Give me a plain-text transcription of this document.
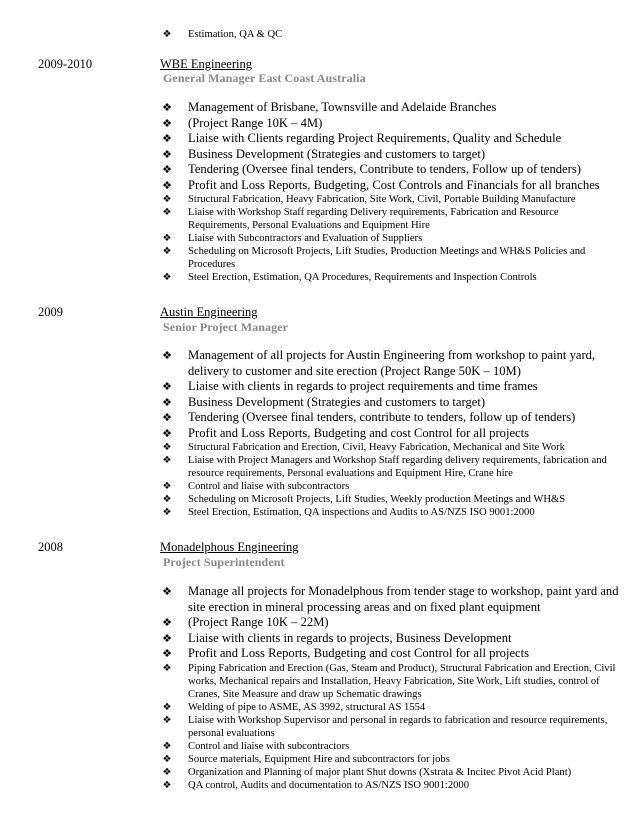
❖ Estimation, QA & QC
2009-2010	WBE Engineering
General Manager East Coast Australia
❖ Management of Brisbane, Townsville and Adelaide Branches
❖ (Project Range 10K – 4M)
❖ Liaise with Clients regarding Project Requirements, Quality and Schedule
❖ Business Development (Strategies and customers to target)
❖ Tendering (Oversee final tenders, Contribute to tenders, Follow up of tenders)
❖ Profit and Loss Reports, Budgeting, Cost Controls and Financials for all branches
❖ Structural Fabrication, Heavy Fabrication, Site Work, Civil, Portable Building Manufacture
❖ Liaise with Workshop Staff regarding Delivery requirements, Fabrication and Resource Requirements, Personal Evaluations and Equipment Hire
❖ Liaise with Subcontractors and Evaluation of Suppliers
❖ Scheduling on Microsoft Projects, Lift Studies, Production Meetings and WH&S Policies and Procedures
❖ Steel Erection, Estimation, QA Procedures, Requirements and Inspection Controls
2009	Austin Engineering
Senior Project Manager
❖ Management of all projects for Austin Engineering from workshop to paint yard, delivery to customer and site erection (Project Range 50K – 10M)
❖ Liaise with clients in regards to project requirements and time frames
❖ Business Development (Strategies and customers to target)
❖ Tendering (Oversee final tenders, contribute to tenders, follow up of tenders)
❖ Profit and Loss Reports, Budgeting and cost Control for all projects
❖ Structural Fabrication and Erection, Civil, Heavy Fabrication, Mechanical and Site Work
❖ Liaise with Project Managers and Workshop Staff regarding delivery requirements, fabrication and resource requirements, Personal evaluations and Equipment Hire, Crane hire
❖ Control and liaise with subcontractors
❖ Scheduling on Microsoft Projects, Lift Studies, Weekly production Meetings and WH&S
❖ Steel Erection, Estimation, QA inspections and Audits to AS/NZS ISO 9001:2000
2008	Monadelphous Engineering
Project Superintendent
❖ Manage all projects for Monadelphous from tender stage to workshop, paint yard and site erection in mineral processing areas and on fixed plant equipment
❖ (Project Range 10K – 22M)
❖ Liaise with clients in regards to projects, Business Development
❖ Profit and Loss Reports, Budgeting and cost Control for all projects
❖ Piping Fabrication and Erection (Gas, Steam and Product), Structural Fabrication and Erection, Civil works, Mechanical repairs and Installation, Heavy Fabrication, Site Work, Lift studies, control of Cranes, Site Measure and draw up Schematic drawings
❖ Welding of pipe to ASME, AS 3992, structural AS 1554
❖ Liaise with Workshop Supervisor and personal in regards to fabrication and resource requirements, personal evaluations
❖ Control and liaise with subcontractors
❖ Source materials, Equipment Hire and subcontractors for jobs
❖ Organization and Planning of major plant Shut downs (Xstrata & Incitec Pivot Acid Plant)
❖ QA control, Audits and documentation to AS/NZS ISO 9001:2000
